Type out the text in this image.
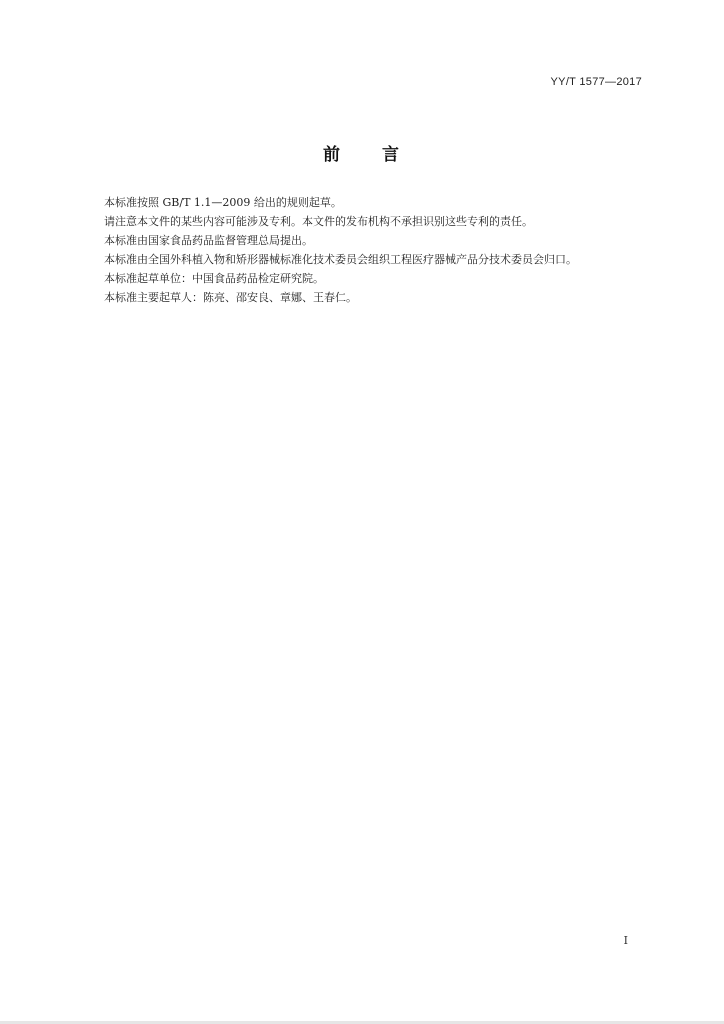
YY/T 1577—2017
前 言

本标准按照 GB/T 1.1—2009 给出的规则起草。

请注意本文件的某些内容可能涉及专利。本文件的发布机构不承担识别这些专利的责任。

本标准由国家食品药品监督管理总局提出。

本标准由全国外科植入物和矫形器械标准化技术委员会组织工程医疗器械产品分技术委员会归口。

本标准起草单位：中国食品药品检定研究院。

本标准主要起草人：陈亮、邵安良、章娜、王春仁。

I
